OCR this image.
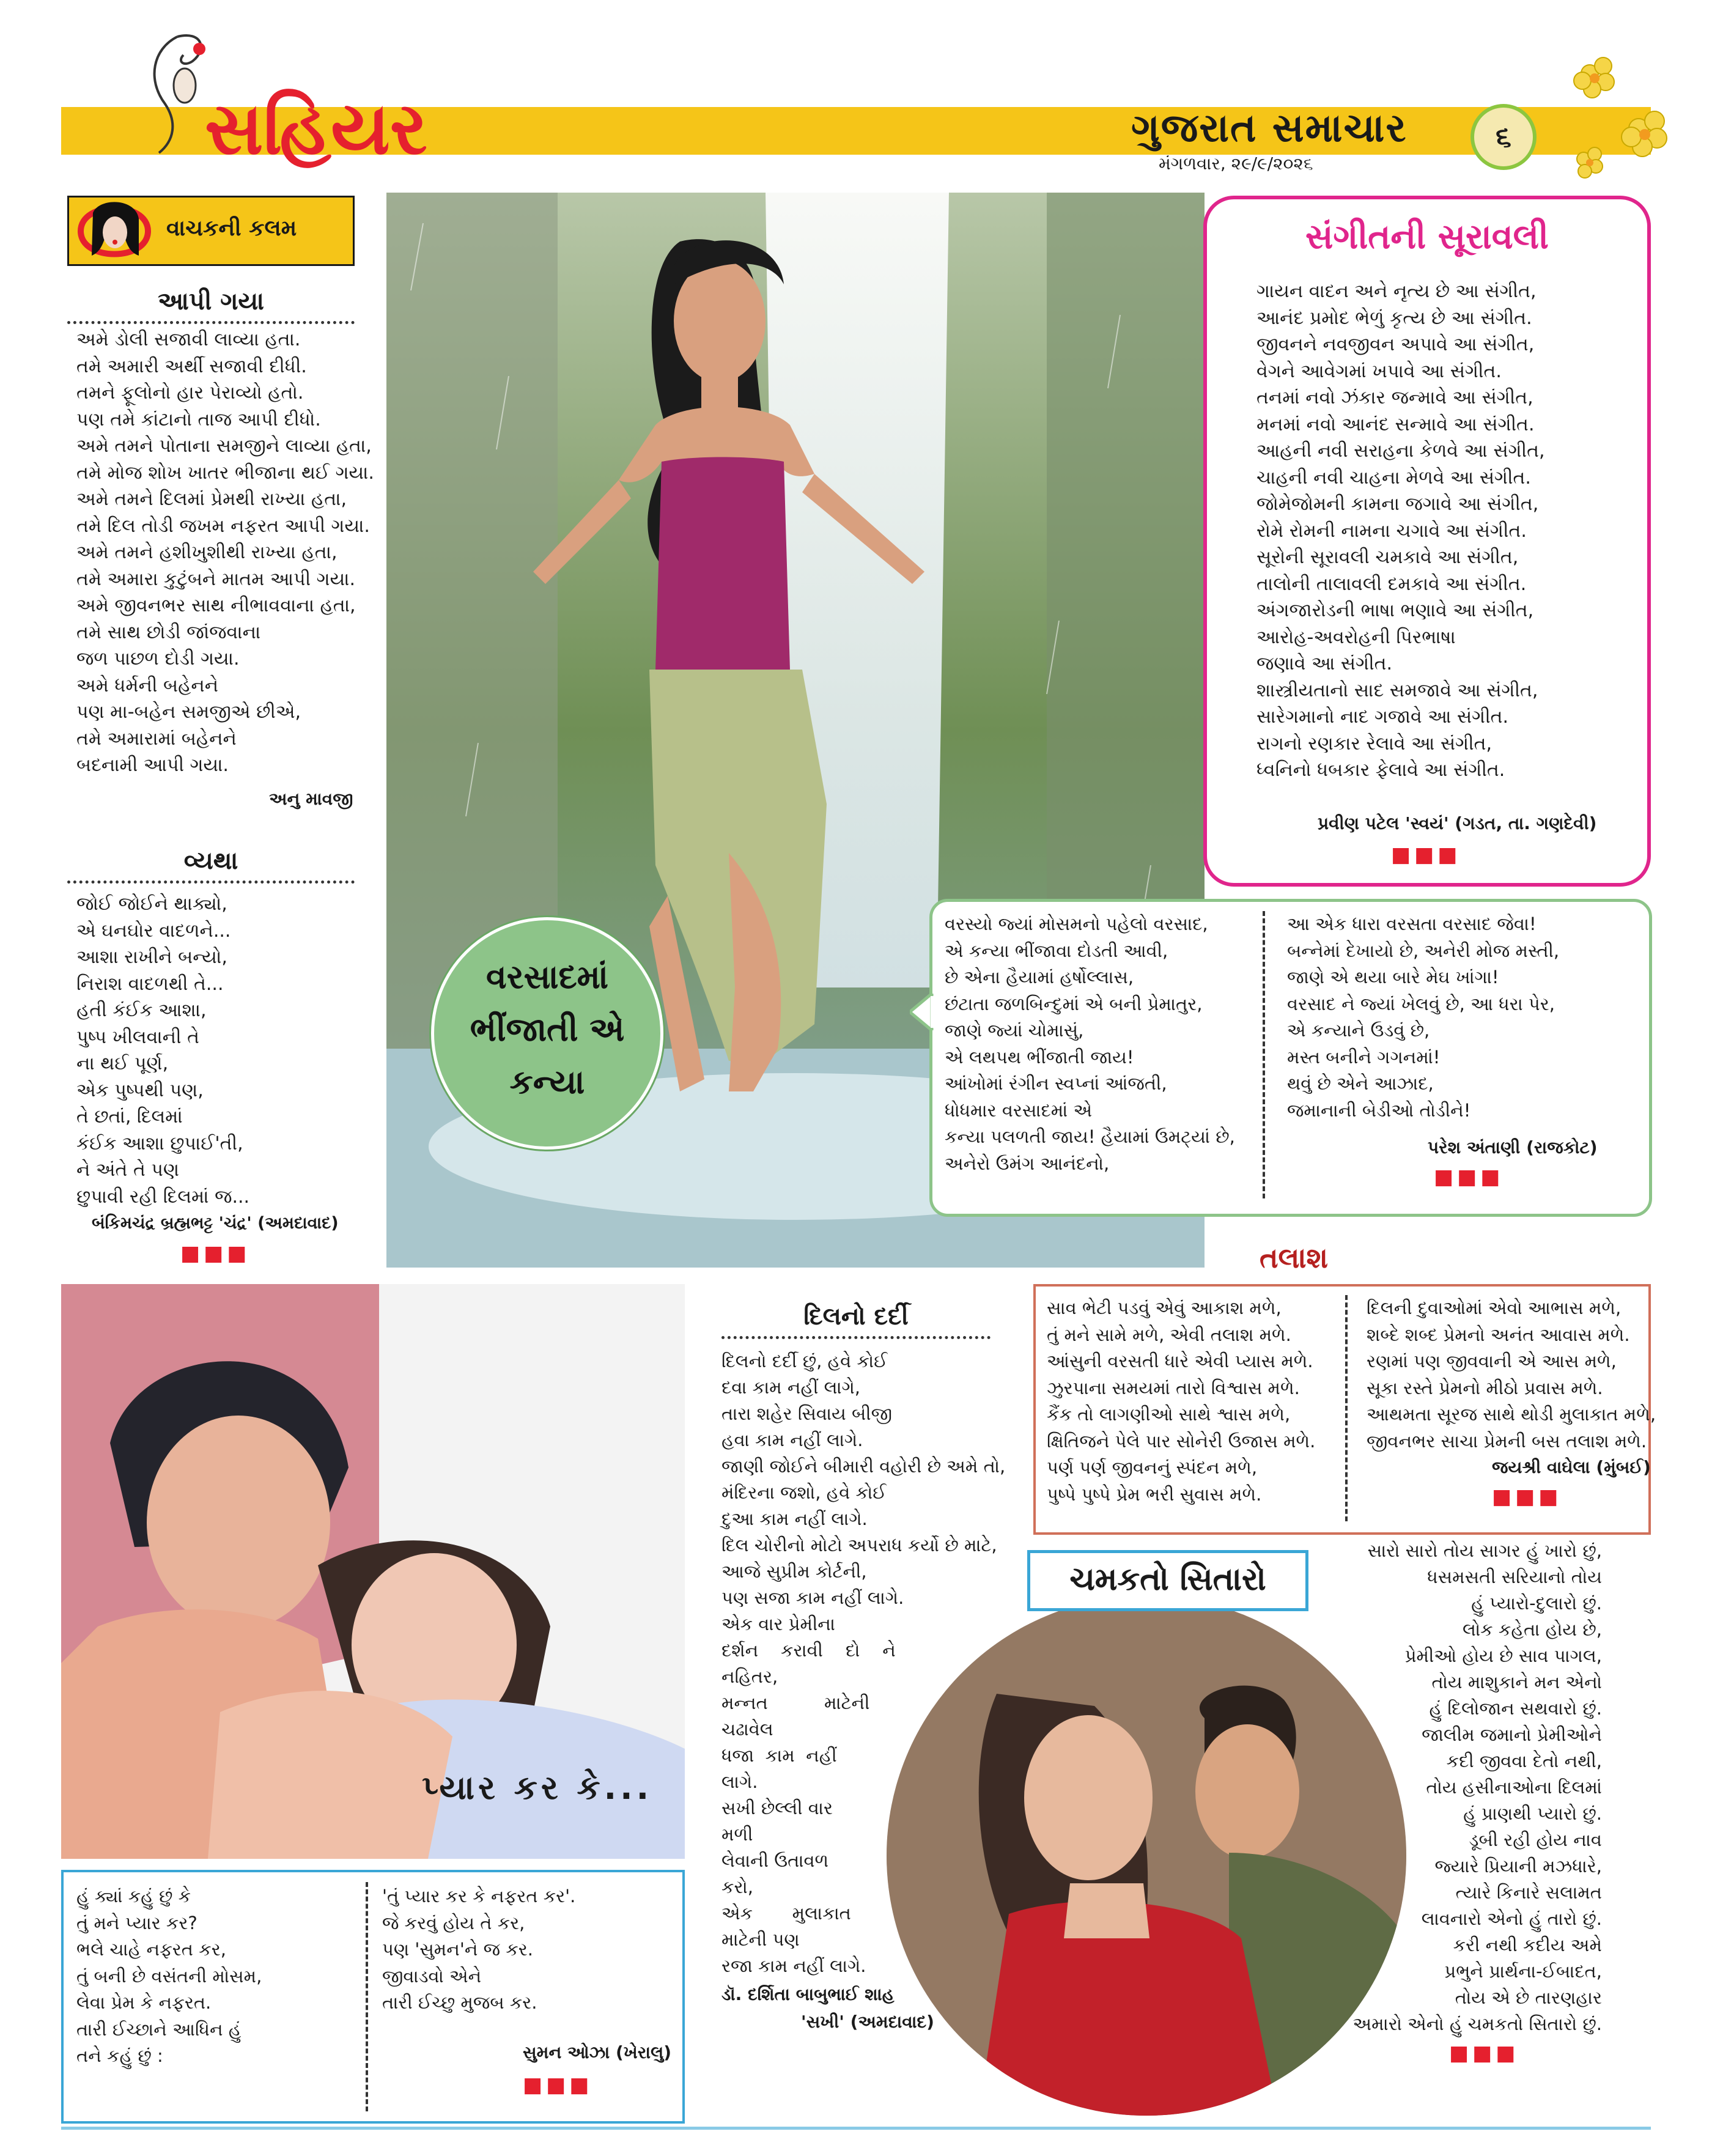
સહિયર	ગુજરાત સમાચાર
મંગળવાર, ૨૯/૯/૨૦૨૬
૬
વાચકની કલમ
આપી ગયા
અમે ડોલી સજાવી લાવ્યા હતા.
તમે અમારી અર્થી સજાવી દીધી.
તમને ફૂલોનો હાર પેરાવ્યો હતો.
પણ તમે કાંટાનો તાજ આપી દીધો.
અમે તમને પોતાના સમજીને લાવ્યા હતા,
તમે મોજ શોખ ખાતર ભીજાના થઈ ગયા.
અમે તમને દિલમાં પ્રેમથી રાખ્યા હતા,
તમે દિલ તોડી જખમ નફરત આપી ગયા.
અમે તમને હશીખુશીથી રાખ્યા હતા,
તમે અમારા કુટુંબને માતમ આપી ગયા.
અમે જીવનભર સાથ નીભાવવાના હતા,
તમે સાથ છોડી જાંજવાના
જળ પાછળ દોડી ગયા.
અમે ધર્મની બહેનને
પણ મા-બહેન સમજીએ છીએ,
તમે અમારામાં બહેનને
બદનામી આપી ગયા.
અનુ માવજી
વ્યથા
જોઈ જોઈને થાક્યો,
એ ઘનઘોર વાદળને...
આશા રાખીને બન્યો,
નિરાશ વાદળથી તે...
હતી કંઈક આશા,
પુષ્પ ખીલવાની તે
ના થઈ પૂર્ણ,
એક પુષ્પથી પણ,
તે છતાં, દિલમાં
કંઈક આશા છુપાઈ'તી,
ને અંતે તે પણ
છુપાવી રહી દિલમાં જ...
બંકિમચંદ્ર બ્રહ્મભટ્ટ 'ચંદ્ર' (અમદાવાદ)
■■■
વરસાદમાં ભીંજાતી એ કન્યા
સંગીતની સૂરાવલી
ગાયન વાદન અને નૃત્ય છે આ સંગીત,
આનંદ પ્રમોદ ભેળું કૃત્ય છે આ સંગીત.
જીવનને નવજીવન અપાવે આ સંગીત,
વેગને આવેગમાં ખપાવે આ સંગીત.
તનમાં નવો ઝંકાર જન્માવે આ સંગીત,
મનમાં નવો આનંદ સન્માવે આ સંગીત.
આહની નવી સરાહના કેળવે આ સંગીત,
ચાહની નવી ચાહના મેળવે આ સંગીત.
જોમેજોમની કામના જગાવે આ સંગીત,
રોમે રોમની નામના ચગાવે આ સંગીત.
સૂરોની સૂરાવલી ચમકાવે આ સંગીત,
તાલોની તાલાવલી દમકાવે આ સંગીત.
અંગજારોડની ભાષા ભણાવે આ સંગીત,
આરોહ-અવરોહની પિરભાષા
જણાવે આ સંગીત.
શાસ્ત્રીયતાનો સાદ સમજાવે આ સંગીત,
સારેગમાનો નાદ ગજાવે આ સંગીત.
રાગનો રણકાર રેલાવે આ સંગીત,
ધ્વનિનો ધબકાર ફેલાવે આ સંગીત.
પ્રવીણ પટેલ 'સ્વયં' (ગડત, તા. ગણદેવી)
■■■
વરસ્યો જ્યાં મોસમનો પહેલો વરસાદ,
એ કન્યા ભીંજાવા દોડતી આવી,
છે એના હૈયામાં હર્ષોલ્લાસ,
છંટાતા જળબિન્દુમાં એ બની પ્રેમાતુર,
જાણે જ્યાં ચોમાસું,
એ લથપથ ભીંજાતી જાય!
આંખોમાં રંગીન સ્વપ્નાં આંજતી,
ધોધમાર વરસાદમાં એ
કન્યા પલળતી જાય! હૈયામાં ઉમટ્યાં છે,
અનેરો ઉમંગ આનંદનો,
આ એક ધારા વરસતા વરસાદ જેવા!
બન્નેમાં દેખાયો છે, અનેરી મોજ મસ્તી,
જાણે એ થયા બારે મેઘ ખાંગા!
વરસાદ ને જ્યાં ખેલવું છે, આ ધરા પેર,
એ કન્યાને ઉડવું છે,
મસ્ત બનીને ગગનમાં!
થવું છે એને આઝાદ,
જમાનાની બેડીઓ તોડીને!
પરેશ અંતાણી (રાજકોટ)
■■■
તલાશ
સાવ ભેટી પડવું એવું આકાશ મળે,
તું મને સામે મળે, એવી તલાશ મળે.
આંસુની વરસતી ધારે એવી પ્યાસ મળે.
ઝુરપાના સમયમાં તારો વિશ્વાસ મળે.
કૈંક તો લાગણીઓ સાથે શ્વાસ મળે,
ક્ષિતિજને પેલે પાર સોનેરી ઉજાસ મળે.
પર્ણ પર્ણ જીવનનું સ્પંદન મળે,
પુષ્પે પુષ્પે પ્રેમ ભરી સુવાસ મળે.
દિલની દુવાઓમાં એવો આભાસ મળે,
શબ્દે શબ્દ પ્રેમનો અનંત આવાસ મળે.
રણમાં પણ જીવવાની એ આસ મળે,
સૂકા રસ્તે પ્રેમનો મીઠો પ્રવાસ મળે.
આથમતા સૂરજ સાથે થોડી મુલાકાત મળે,
જીવનભર સાચા પ્રેમની બસ તલાશ મળે.
જયશ્રી વાઘેલા (મુંબઈ)
■■■
પ્યાર કર કે...
હું ક્યાં કહું છું કે
તું મને પ્યાર કર?
ભલે ચાહે નફરત કર,
તું બની છે વસંતની મોસમ,
લેવા પ્રેમ કે નફરત.
તારી ઈચ્છાને આધિન હું
તને કહું છું :
'તું પ્યાર કર કે નફરત કર'.
જે કરવું હોય તે કર,
પણ 'સુમન'ને જ કર.
જીવાડવો એને
તારી ઈચ્છુ મુજબ કર.
સુમન ઓઝા (ખેરાલુ)
■■■
દિલનો દર્દી
દિલનો દર્દી છું, હવે કોઈ
દવા કામ નહીં લાગે,
તારા શહેર સિવાય બીજી
હવા કામ નહીં લાગે.
જાણી જોઈને બીમારી વહોરી છે અમે તો,
મંદિરના જશો, હવે કોઈ
દુઆ કામ નહીં લાગે.
દિલ ચોરીનો મોટો અપરાધ કર્યો છે માટે,
આજે સુપ્રીમ કોર્ટની,
પણ સજા કામ નહીં લાગે.
એક વાર પ્રેમીના
દર્શન    કરાવી    દો    ને
નહિતર,
મન્નત          માટેની
ચઢાવેલ
ધજા  કામ  નહીં
લાગે.
સખી છેલ્લી વાર
મળી
લેવાની ઉતાવળ
કરો,
એક       મુલાકાત
માટેની પણ
રજા કામ નહીં લાગે.
ડૉ. દર્શિતા બાબુભાઈ શાહ
'સખી' (અમદાવાદ)
ચમકતો સિતારો
સારો સારો તોય સાગર હું ખારો છું,
ધસમસતી સરિયાનો તોય
હું પ્યારો-દુલારો છું.
લોક કહેતા હોય છે,
પ્રેમીઓ હોય છે સાવ પાગલ,
તોય માશુકાને મન એનો
હું દિલોજાન સથવારો છું.
જાલીમ જમાનો પ્રેમીઓને
કદી જીવવા દેતો નથી,
તોય હસીનાઓના દિલમાં
હું પ્રાણથી પ્યારો છું.
ડૂબી રહી હોય નાવ
જ્યારે પ્રિયાની મઝધારે,
ત્યારે કિનારે સલામત
લાવનારો એનો હું તારો છું.
કરી નથી કદીય અમે
પ્રભુને પ્રાર્થના-ઈબાદત,
તોય એ છે તારણહાર
અમારો એનો હું ચમકતો સિતારો છું.
■■■
